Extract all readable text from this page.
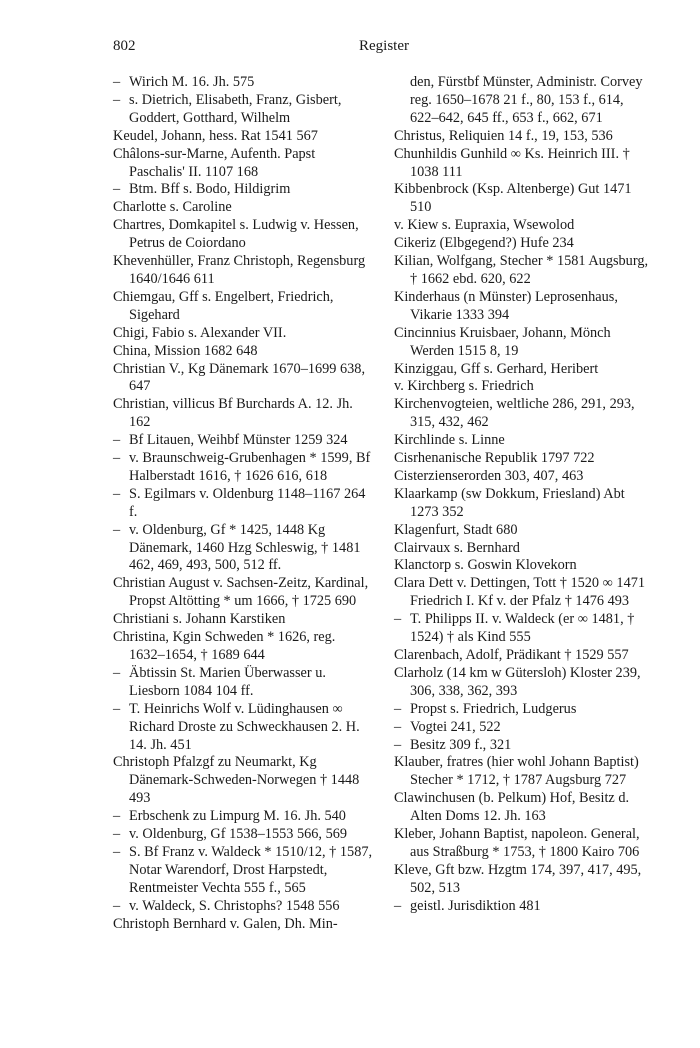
802	Register

– Wirich M. 16. Jh. 575

– s. Dietrich, Elisabeth, Franz, Gisbert, Goddert, Gotthard, Wilhelm

Keudel, Johann, hess. Rat 1541 567

Châlons-sur-Marne, Aufenth. Papst Paschalis' II. 1107 168

– Btm. Bff s. Bodo, Hildigrim

Charlotte s. Caroline

Chartres, Domkapitel s. Ludwig v. Hessen, Petrus de Coiordano

Khevenhüller, Franz Christoph, Regensburg 1640/1646 611

Chiemgau, Gff s. Engelbert, Friedrich, Sigehard

Chigi, Fabio s. Alexander VII.

China, Mission 1682 648

Christian V., Kg Dänemark 1670–1699 638, 647

Christian, villicus Bf Burchards A. 12. Jh. 162

– Bf Litauen, Weihbf Münster 1259 324

– v. Braunschweig-Grubenhagen * 1599, Bf Halberstadt 1616, † 1626 616, 618

– S. Egilmars v. Oldenburg 1148–1167 264 f.

– v. Oldenburg, Gf * 1425, 1448 Kg Dänemark, 1460 Hzg Schleswig, † 1481 462, 469, 493, 500, 512 ff.

Christian August v. Sachsen-Zeitz, Kardinal, Propst Altötting * um 1666, † 1725 690

Christiani s. Johann Karstiken

Christina, Kgin Schweden * 1626, reg. 1632–1654, † 1689 644

– Äbtissin St. Marien Überwasser u. Liesborn 1084 104 ff.

– T. Heinrichs Wolf v. Lüdinghausen ∞ Richard Droste zu Schweckhausen 2. H. 14. Jh. 451

Christoph Pfalzgf zu Neumarkt, Kg Dänemark-Schweden-Norwegen † 1448 493

– Erbschenk zu Limpurg M. 16. Jh. 540

– v. Oldenburg, Gf 1538–1553 566, 569

– S. Bf Franz v. Waldeck * 1510/12, † 1587, Notar Warendorf, Drost Harpstedt, Rentmeister Vechta 555 f., 565

– v. Waldeck, S. Christophs? 1548 556

Christoph Bernhard v. Galen, Dh. Min-

den, Fürstbf Münster, Administr. Corvey reg. 1650–1678 21 f., 80, 153 f., 614, 622–642, 645 ff., 653 f., 662, 671

Christus, Reliquien 14 f., 19, 153, 536

Chunhildis Gunhild ∞ Ks. Heinrich III. † 1038 111

Kibbenbrock (Ksp. Altenberge) Gut 1471 510

v. Kiew s. Eupraxia, Wsewolod

Cikeriz (Elbgegend?) Hufe 234

Kilian, Wolfgang, Stecher * 1581 Augsburg, † 1662 ebd. 620, 622

Kinderhaus (n Münster) Leprosenhaus, Vikarie 1333 394

Cincinnius Kruisbaer, Johann, Mönch Werden 1515 8, 19

Kinziggau, Gff s. Gerhard, Heribert

v. Kirchberg s. Friedrich

Kirchenvogteien, weltliche 286, 291, 293, 315, 432, 462

Kirchlinde s. Linne

Cisrhenanische Republik 1797 722

Cisterzienserorden 303, 407, 463

Klaarkamp (sw Dokkum, Friesland) Abt 1273 352

Klagenfurt, Stadt 680

Clairvaux s. Bernhard

Klanctorp s. Goswin Klovekorn

Clara Dett v. Dettingen, Tott † 1520 ∞ 1471 Friedrich I. Kf v. der Pfalz † 1476 493

– T. Philipps II. v. Waldeck (er ∞ 1481, † 1524) † als Kind 555

Clarenbach, Adolf, Prädikant † 1529 557

Clarholz (14 km w Gütersloh) Kloster 239, 306, 338, 362, 393

– Propst s. Friedrich, Ludgerus

– Vogtei 241, 522

– Besitz 309 f., 321

Klauber, fratres (hier wohl Johann Baptist) Stecher * 1712, † 1787 Augsburg 727

Clawinchusen (b. Pelkum) Hof, Besitz d. Alten Doms 12. Jh. 163

Kleber, Johann Baptist, napoleon. General, aus Straßburg * 1753, † 1800 Kairo 706

Kleve, Gft bzw. Hzgtm 174, 397, 417, 495, 502, 513

– geistl. Jurisdiktion 481
